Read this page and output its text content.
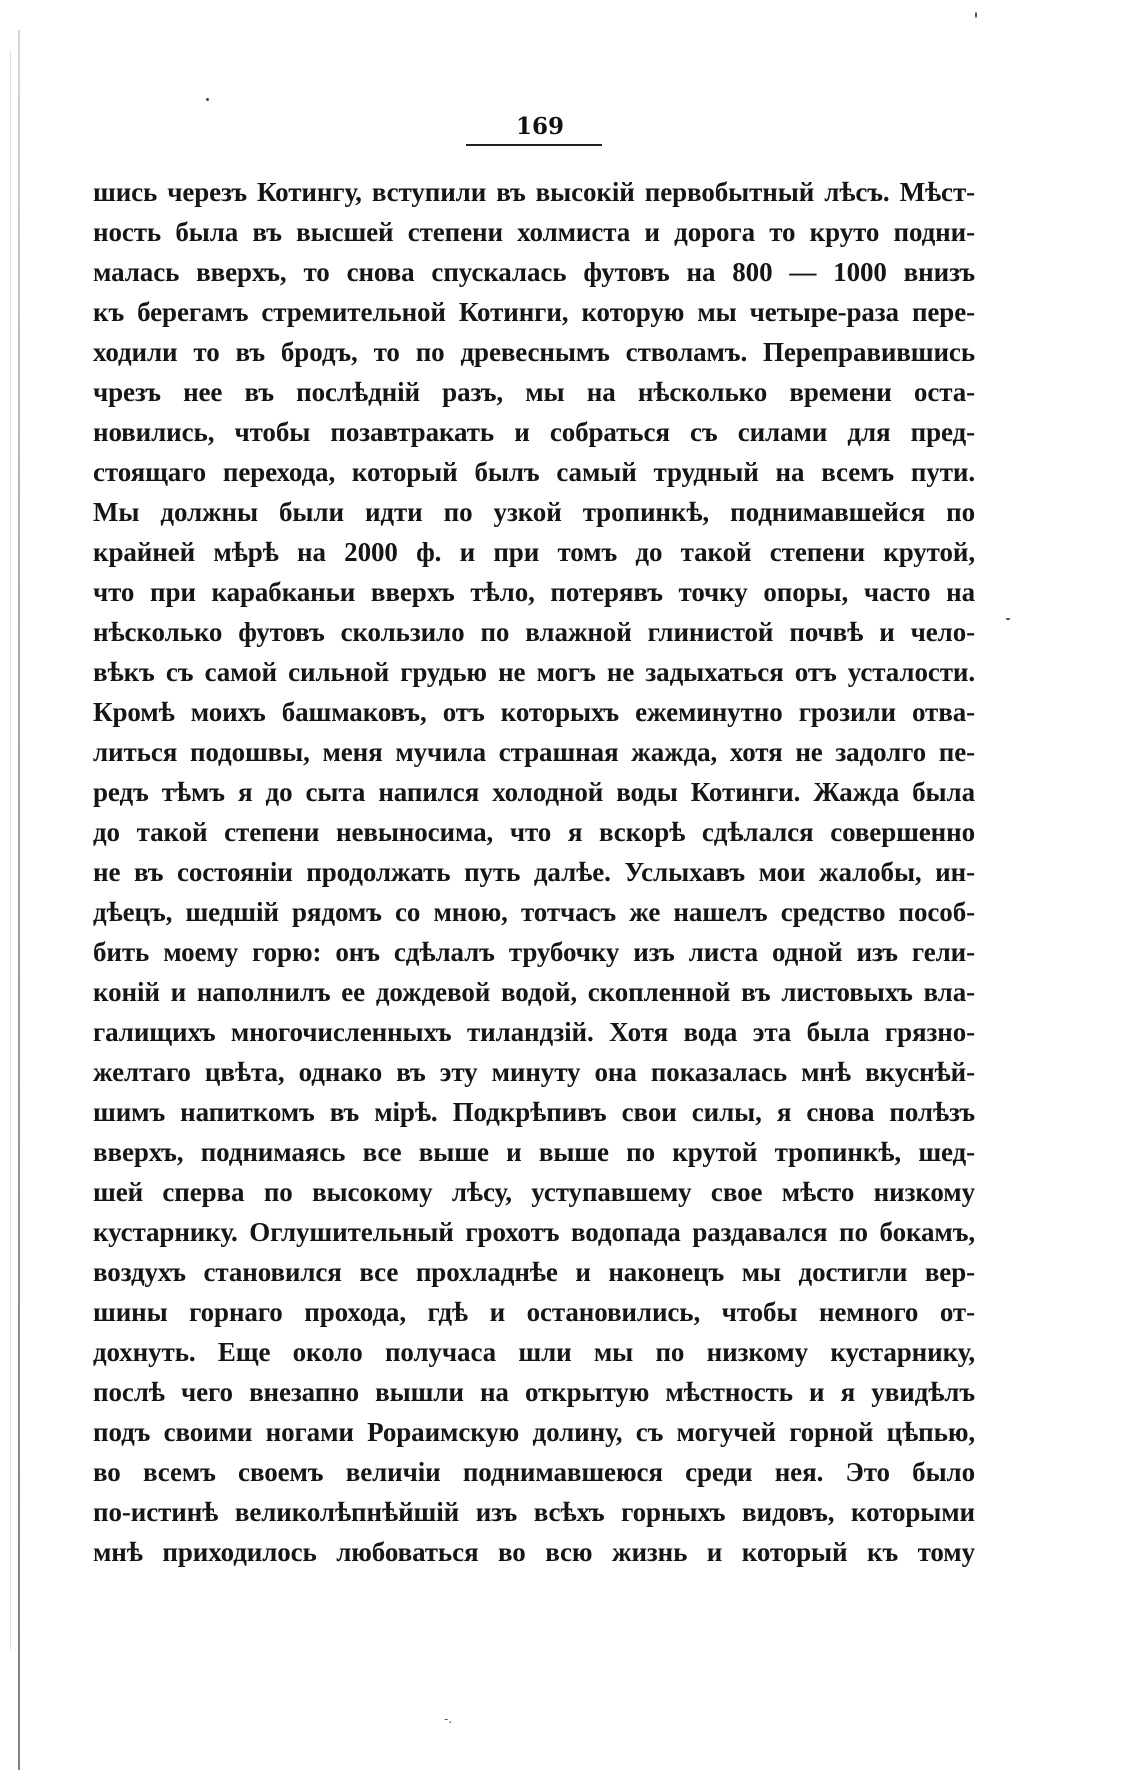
169
шись черезъ Котингу, вступили въ высокій первобытный лѣсъ. Мѣст-
ность была въ высшей степени холмиста и дорога то круто подни-
малась вверхъ, то снова спускалась футовъ на 800 — 1000 внизъ
къ берегамъ стремительной Котинги, которую мы четыре-раза пере-
ходили то въ бродъ, то по древеснымъ стволамъ. Переправившись
чрезъ нее въ послѣдній разъ, мы на нѣсколько времени оста-
новились, чтобы позавтракать и собраться съ силами для пред-
стоящаго перехода, который былъ самый трудный на всемъ пути.
Мы должны были идти по узкой тропинкѣ, поднимавшейся по
крайней мѣрѣ на 2000 ф. и при томъ до такой степени крутой,
что при карабканьи вверхъ тѣло, потерявъ точку опоры, часто на
нѣсколько футовъ скользило по влажной глинистой почвѣ и чело-
вѣкъ съ самой сильной грудью не могъ не задыхаться отъ усталости.
Кромѣ моихъ башмаковъ, отъ которыхъ ежеминутно грозили отва-
литься подошвы, меня мучила страшная жажда, хотя не задолго пе-
редъ тѣмъ я до сыта напился холодной воды Котинги. Жажда была
до такой степени невыносима, что я вскорѣ сдѣлался совершенно
не въ состояніи продолжать путь далѣе. Услыхавъ мои жалобы, ин-
дѣецъ, шедшій рядомъ со мною, тотчасъ же нашелъ средство пособ-
бить моему горю: онъ сдѣлалъ трубочку изъ листа одной изъ гели-
коній и наполнилъ ее дождевой водой, скопленной въ листовыхъ вла-
галищихъ многочисленныхъ тиландзій. Хотя вода эта была грязно-
желтаго цвѣта, однако въ эту минуту она показалась мнѣ вкуснѣй-
шимъ напиткомъ въ мірѣ. Подкрѣпивъ свои силы, я снова полѣзъ
вверхъ, поднимаясь все выше и выше по крутой тропинкѣ, шед-
шей сперва по высокому лѣсу, уступавшему свое мѣсто низкому
кустарнику. Оглушительный грохотъ водопада раздавался по бокамъ,
воздухъ становился все прохладнѣе и наконецъ мы достигли вер-
шины горнаго прохода, гдѣ и остановились, чтобы немного от-
дохнуть. Еще около получаса шли мы по низкому кустарнику,
послѣ чего внезапно вышли на открытую мѣстность и я увидѣлъ
подъ своими ногами Рораимскую долину, съ могучей горной цѣпью,
во всемъ своемъ величіи поднимавшеюся среди нея. Это было
по-истинѣ великолѣпнѣйшій изъ всѣхъ горныхъ видовъ, которыми
мнѣ приходилось любоваться во всю жизнь и который къ тому
-.
